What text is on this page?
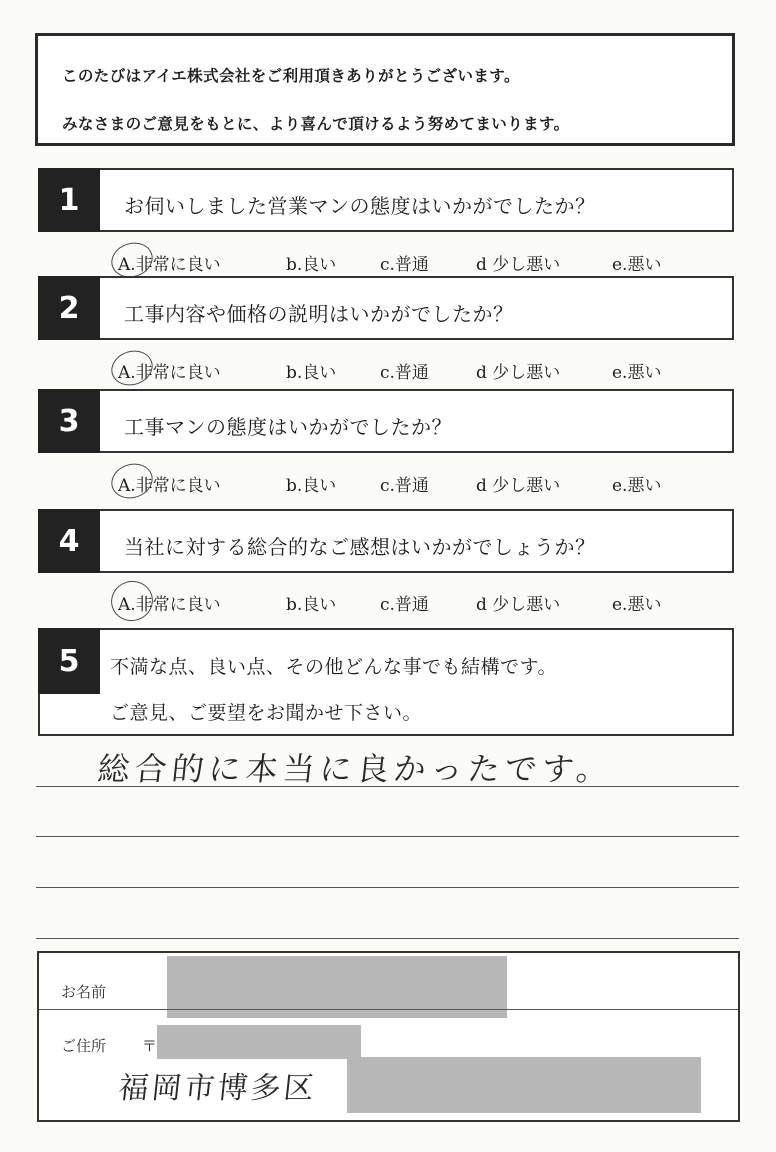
このたびはアイエ株式会社をご利用頂きありがとうございます。
みなさまのご意見をもとに、より喜んで頂けるよう努めてまいります。
1	お伺いしました営業マンの態度はいかがでしたか？
A.非常に良い	b.良い	c.普通	d 少し悪い	e.悪い
2	工事内容や価格の説明はいかがでしたか？
A.非常に良い	b.良い	c.普通	d 少し悪い	e.悪い
3	工事マンの態度はいかがでしたか？
A.非常に良い	b.良い	c.普通	d 少し悪い	e.悪い
4	当社に対する総合的なご感想はいかがでしょうか？
A.非常に良い	b.良い	c.普通	d 少し悪い	e.悪い
5	不満な点、良い点、その他どんな事でも結構です。
ご意見、ご要望をお聞かせ下さい。
総合的に本当に良かったです。
お名前
ご住所 〒
福岡市博多区
